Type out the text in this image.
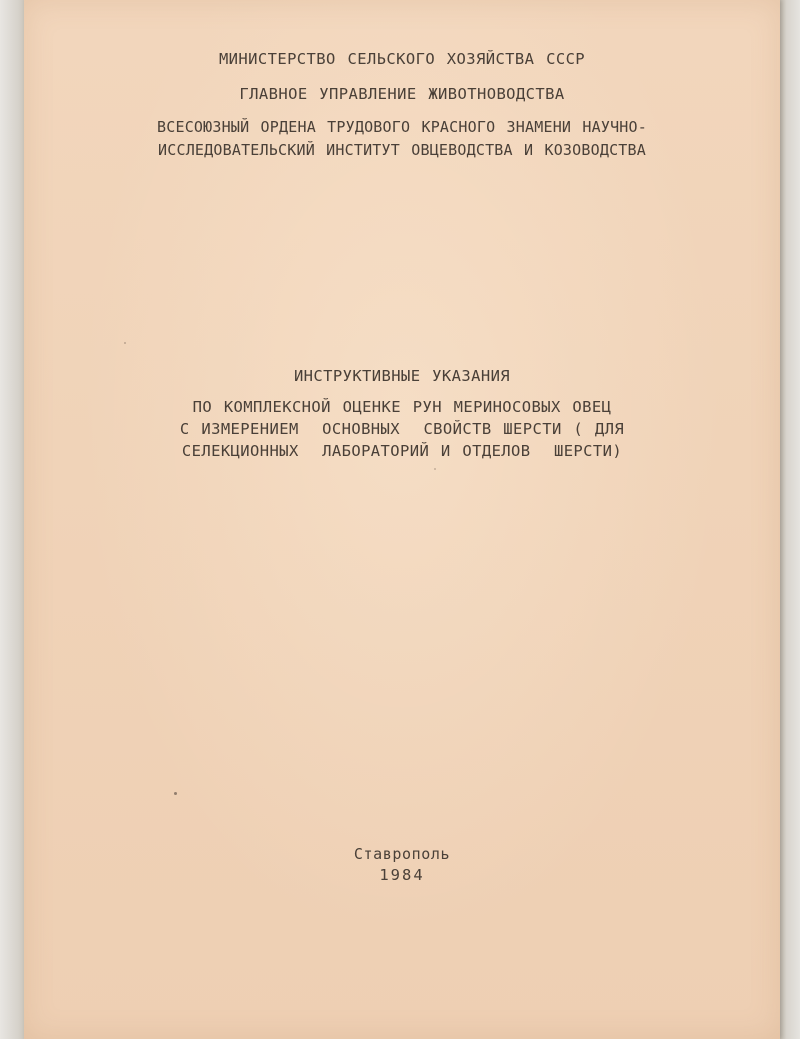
МИНИСТЕРСТВО СЕЛЬСКОГО ХОЗЯЙСТВА СССР
ГЛАВНОЕ УПРАВЛЕНИЕ ЖИВОТНОВОДСТВА
ВСЕСОЮЗНЫЙ ОРДЕНА ТРУДОВОГО КРАСНОГО ЗНАМЕНИ НАУЧНО-
ИССЛЕДОВАТЕЛЬСКИЙ ИНСТИТУТ ОВЦЕВОДСТВА И КОЗОВОДСТВА
ИНСТРУКТИВНЫЕ УКАЗАНИЯ
ПО КОМПЛЕКСНОЙ ОЦЕНКЕ РУН МЕРИНОСОВЫХ ОВЕЦ
С ИЗМЕРЕНИЕМ  ОСНОВНЫХ  СВОЙСТВ ШЕРСТИ ( ДЛЯ
СЕЛЕКЦИОННЫХ  ЛАБОРАТОРИЙ И ОТДЕЛОВ  ШЕРСТИ)
Ставрополь
1984
